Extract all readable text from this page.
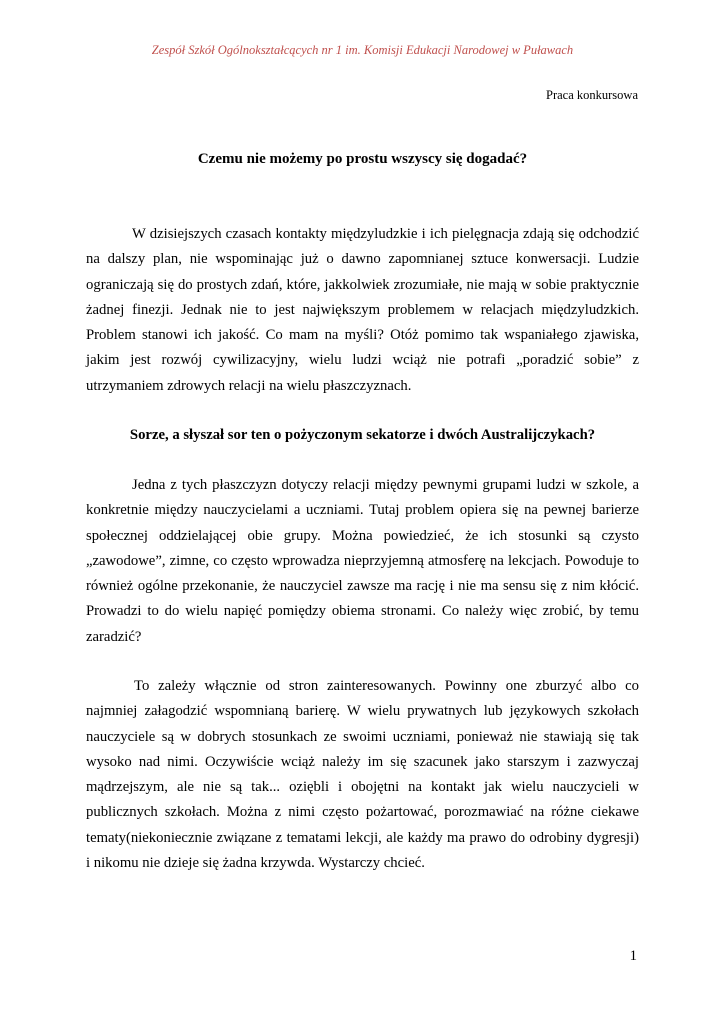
Zespół Szkół Ogólnokształcących nr 1 im. Komisji Edukacji Narodowej w Puławach
Praca konkursowa
Czemu nie możemy po prostu wszyscy się dogadać?

W dzisiejszych czasach kontakty międzyludzkie i ich pielęgnacja zdają się odchodzić na dalszy plan, nie wspominając już o dawno zapomnianej sztuce konwersacji. Ludzie ograniczają się do prostych zdań, które, jakkolwiek zrozumiałe, nie mają w sobie praktycznie żadnej finezji. Jednak nie to jest największym problemem w relacjach międzyludzkich. Problem stanowi ich jakość. Co mam na myśli? Otóż pomimo tak wspaniałego zjawiska, jakim jest rozwój cywilizacyjny, wielu ludzi wciąż nie potrafi „poradzić sobie” z utrzymaniem zdrowych relacji na wielu płaszczyznach.

Sorze, a słyszał sor ten o pożyczonym sekatorze i dwóch Australijczykach?

Jedna z tych płaszczyzn dotyczy relacji między pewnymi grupami ludzi w szkole, a konkretnie między nauczycielami a uczniami. Tutaj problem opiera się na pewnej barierze społecznej oddzielającej obie grupy. Można powiedzieć, że ich stosunki są czysto „zawodowe”, zimne, co często wprowadza nieprzyjemną atmosferę na lekcjach. Powoduje to również ogólne przekonanie, że nauczyciel zawsze ma rację i nie ma sensu się z nim kłócić. Prowadzi to do wielu napięć pomiędzy obiema stronami. Co należy więc zrobić, by temu zaradzić?

To zależy włącznie od stron zainteresowanych. Powinny one zburzyć albo co najmniej załagodzić wspomnianą barierę. W wielu prywatnych lub językowych szkołach nauczyciele są w dobrych stosunkach ze swoimi uczniami, ponieważ nie stawiają się tak wysoko nad nimi. Oczywiście wciąż należy im się szacunek jako starszym i zazwyczaj mądrzejszym, ale nie są tak... oziębli i obojętni na kontakt jak wielu nauczycieli w publicznych szkołach. Można z nimi często pożartować, porozmawiać na różne ciekawe tematy(niekoniecznie związane z tematami lekcji, ale każdy ma prawo do odrobiny dygresji) i nikomu nie dzieje się żadna krzywda. Wystarczy chcieć.

1
